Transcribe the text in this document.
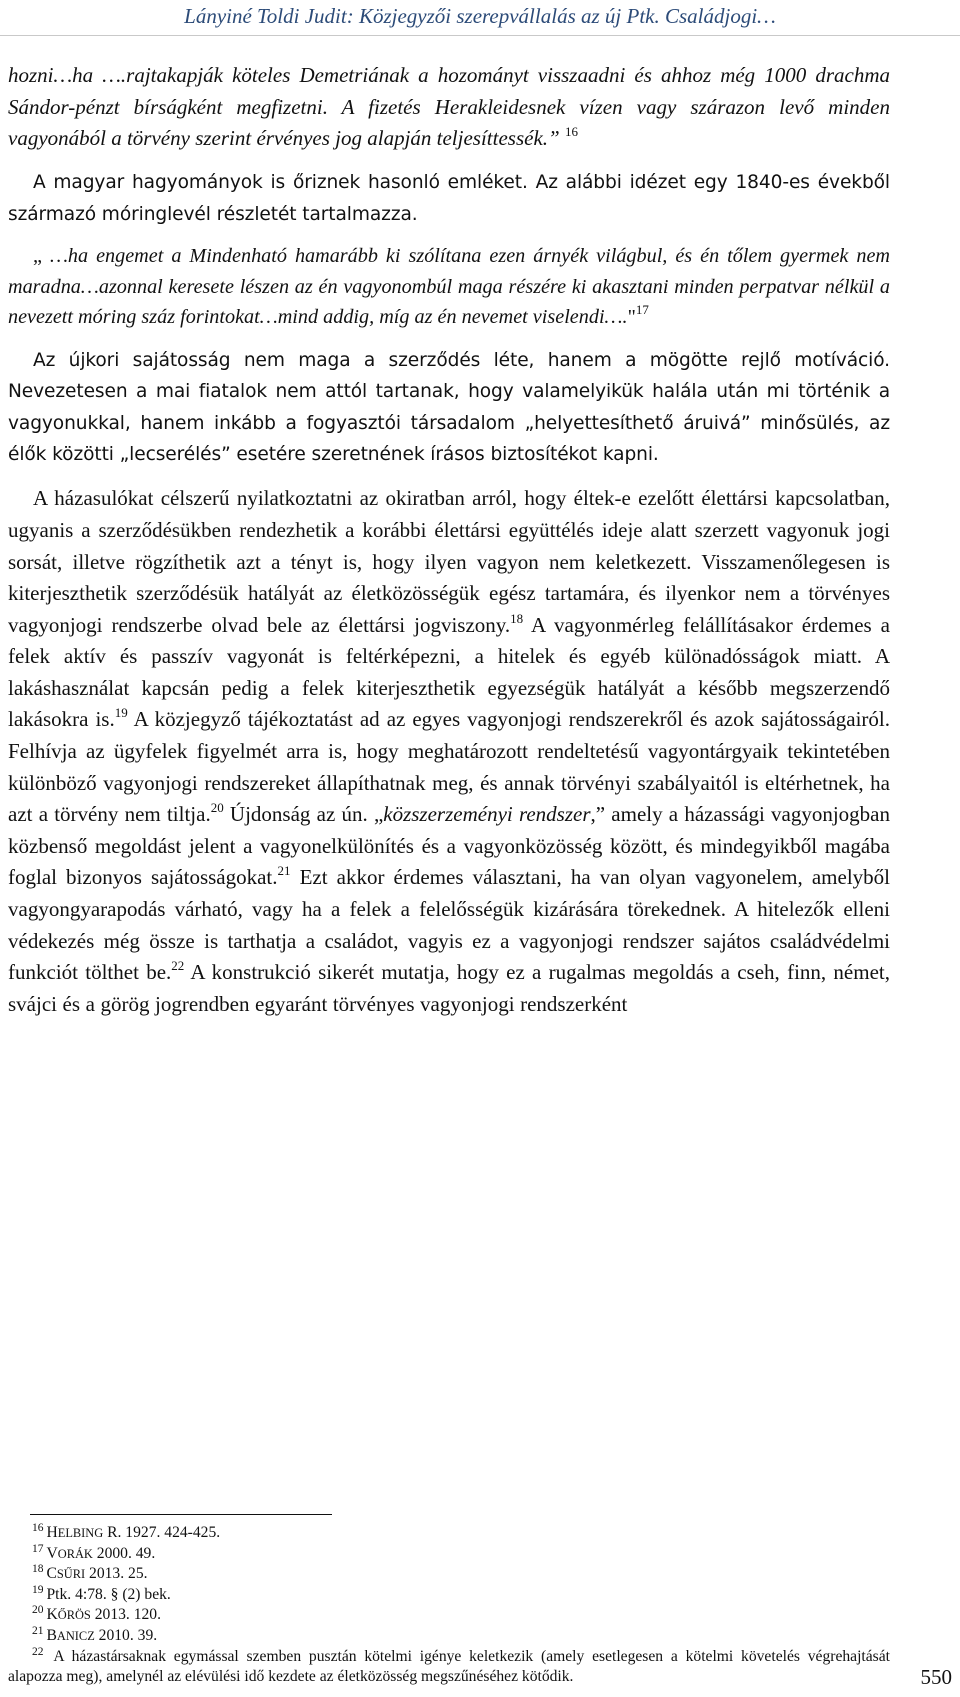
Lányiné Toldi Judit: Közjegyzői szerepvállalás az új Ptk. Családjogi…

hozni…ha ….rajtakapják köteles Demetriának a hozományt visszaadni és ahhoz még 1000 drachma Sándor-pénzt bírságként megfizetni. A fizetés Herakleidesnek vízen vagy szárazon levő minden vagyonából a törvény szerint érvényes jog alapján teljesíttessék.” $^{16}$

A magyar hagyományok is őriznek hasonló emléket. Az alábbi idézet egy 1840-es évekből származó móringlevél részletét tartalmazza.

„ …ha engemet a Mindenható hamarább ki szólítana ezen árnyék világbul, és én tőlem gyermek nem maradna…azonnal keresete lészen az én vagyonombúl maga részére ki akasztani minden perpatvar nélkül a nevezett móring száz forintokat…mind addig, míg az én nevemet viselendi…."$^{17}$

Az újkori sajátosság nem maga a szerződés léte, hanem a mögötte rejlő motíváció. Nevezetesen a mai fiatalok nem attól tartanak, hogy valamelyikük halála után mi történik a vagyonukkal, hanem inkább a fogyasztói társadalom „helyettesíthető áruivá” minősülés, az élők közötti „lecserélés” esetére szeretnének írásos biztosítékot kapni.

A házasulókat célszerű nyilatkoztatni az okiratban arról, hogy éltek-e ezelőtt élettársi kapcsolatban, ugyanis a szerződésükben rendezhetik a korábbi élettársi együttélés ideje alatt szerzett vagyonuk jogi sorsát, illetve rögzíthetik azt a tényt is, hogy ilyen vagyon nem keletkezett. Visszamenőlegesen is kiterjeszthetik szerződésük hatályát az életközösségük egész tartamára, és ilyenkor nem a törvényes vagyonjogi rendszerbe olvad bele az élettársi jogviszony.$^{18}$ A vagyonmérleg felállításakor érdemes a felek aktív és passzív vagyonát is feltérképezni, a hitelek és egyéb különadósságok miatt. A lakáshasználat kapcsán pedig a felek kiterjeszthetik egyezségük hatályát a később megszerzendő lakásokra is.$^{19}$ A közjegyző tájékoztatást ad az egyes vagyonjogi rendszerekről és azok sajátosságairól. Felhívja az ügyfelek figyelmét arra is, hogy meghatározott rendeltetésű vagyontárgyaik tekintetében különböző vagyonjogi rendszereket állapíthatnak meg, és annak törvényi szabályaitól is eltérhetnek, ha azt a törvény nem tiltja.$^{20}$ Újdonság az ún. „közszerzeményi rendszer,” amely a házassági vagyonjogban közbenső megoldást jelent a vagyonelkülönítés és a vagyonközösség között, és mindegyikből magába foglal bizonyos sajátosságokat.$^{21}$ Ezt akkor érdemes választani, ha van olyan vagyonelem, amelyből vagyongyarapodás várható, vagy ha a felek a felelősségük kizárására törekednek. A hitelezők elleni védekezés még össze is tarthatja a családot, vagyis ez a vagyonjogi rendszer sajátos családvédelmi funkciót tölthet be.$^{22}$ A konstrukció sikerét mutatja, hogy ez a rugalmas megoldás a cseh, finn, német, svájci és a görög jogrendben egyaránt törvényes vagyonjogi rendszerként

$^{16}$ HELBING R. 1927. 424-425.

$^{17}$ VORÁK 2000. 49.

$^{18}$ CSŰRI 2013. 25.

$^{19}$ Ptk. 4:78. § (2) bek.

$^{20}$ KŐRÖS 2013. 120.

$^{21}$ BANICZ 2010. 39.

$^{22}$ A házastársaknak egymással szemben pusztán kötelmi igénye keletkezik (amely esetlegesen a kötelmi követelés végrehajtását alapozza meg), amelynél az elévülési idő kezdete az életközösség megszűnéséhez kötődik.	550
